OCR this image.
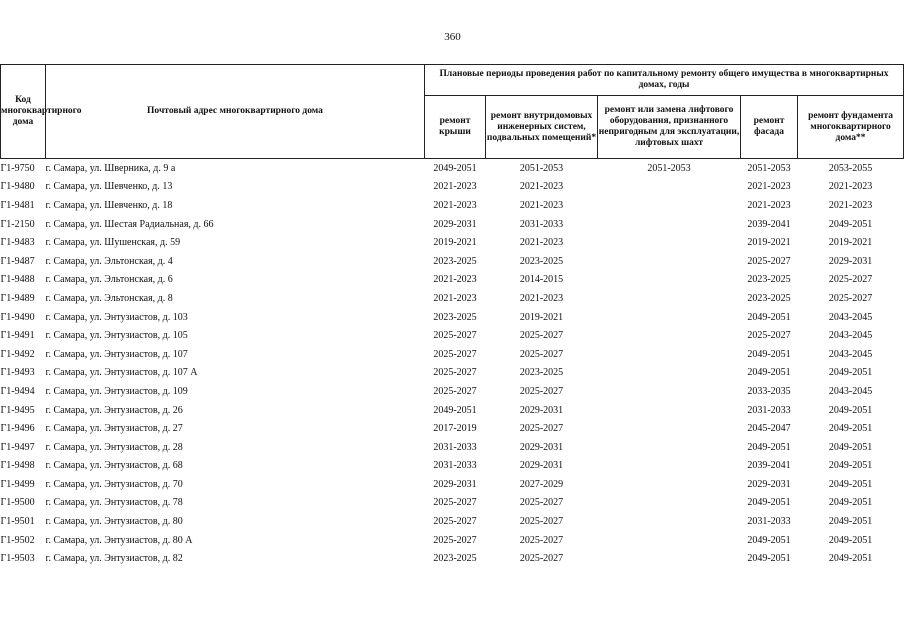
360
Код многоквартирного дома	Почтовый адрес многоквартирного дома	Плановые периоды проведения работ по капитальному ремонту общего имущества в многоквартирных домах, годы				
		ремонт крыши	ремонт внутридомовых инженерных систем, подвальных помещений*	ремонт или замена лифтового оборудования, признанного непригодным для эксплуатации, лифтовых шахт	ремонт фасада	ремонт фундамента многоквартирного дома**
Г1-9750	г. Самара, ул. Шверника, д. 9 а	2049-2051	2051-2053	2051-2053	2051-2053	2053-2055
Г1-9480	г. Самара, ул. Шевченко, д. 13	2021-2023	2021-2023		2021-2023	2021-2023
Г1-9481	г. Самара, ул. Шевченко, д. 18	2021-2023	2021-2023		2021-2023	2021-2023
Г1-2150	г. Самара, ул. Шестая Радиальная, д. 66	2029-2031	2031-2033		2039-2041	2049-2051
Г1-9483	г. Самара, ул. Шушенская, д. 59	2019-2021	2021-2023		2019-2021	2019-2021
Г1-9487	г. Самара, ул. Эльтонская, д. 4	2023-2025	2023-2025		2025-2027	2029-2031
Г1-9488	г. Самара, ул. Эльтонская, д. 6	2021-2023	2014-2015		2023-2025	2025-2027
Г1-9489	г. Самара, ул. Эльтонская, д. 8	2021-2023	2021-2023		2023-2025	2025-2027
Г1-9490	г. Самара, ул. Энтузиастов, д. 103	2023-2025	2019-2021		2049-2051	2043-2045
Г1-9491	г. Самара, ул. Энтузиастов, д. 105	2025-2027	2025-2027		2025-2027	2043-2045
Г1-9492	г. Самара, ул. Энтузиастов, д. 107	2025-2027	2025-2027		2049-2051	2043-2045
Г1-9493	г. Самара, ул. Энтузиастов, д. 107 А	2025-2027	2023-2025		2049-2051	2049-2051
Г1-9494	г. Самара, ул. Энтузиастов, д. 109	2025-2027	2025-2027		2033-2035	2043-2045
Г1-9495	г. Самара, ул. Энтузиастов, д. 26	2049-2051	2029-2031		2031-2033	2049-2051
Г1-9496	г. Самара, ул. Энтузиастов, д. 27	2017-2019	2025-2027		2045-2047	2049-2051
Г1-9497	г. Самара, ул. Энтузиастов, д. 28	2031-2033	2029-2031		2049-2051	2049-2051
Г1-9498	г. Самара, ул. Энтузиастов, д. 68	2031-2033	2029-2031		2039-2041	2049-2051
Г1-9499	г. Самара, ул. Энтузиастов, д. 70	2029-2031	2027-2029		2029-2031	2049-2051
Г1-9500	г. Самара, ул. Энтузиастов, д. 78	2025-2027	2025-2027		2049-2051	2049-2051
Г1-9501	г. Самара, ул. Энтузиастов, д. 80	2025-2027	2025-2027		2031-2033	2049-2051
Г1-9502	г. Самара, ул. Энтузиастов, д. 80 А	2025-2027	2025-2027		2049-2051	2049-2051
Г1-9503	г. Самара, ул. Энтузиастов, д. 82	2023-2025	2025-2027		2049-2051	2049-2051
